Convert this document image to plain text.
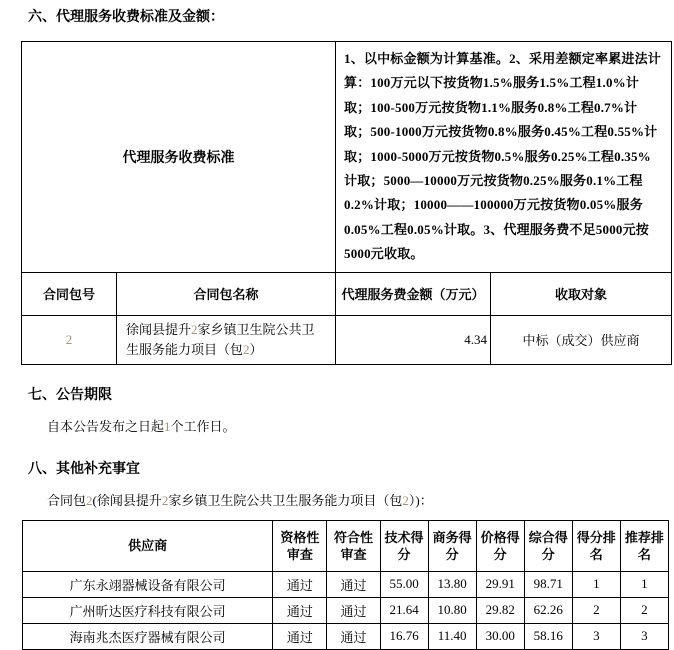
六、代理服务收费标准及金额：
代理服务收费标准		1、以中标金额为计算基准。2、采用差额定率累进法计算：100万元以下按货物1.5%服务1.5%工程1.0%计取；100-500万元按货物1.1%服务0.8%工程0.7%计取；500-1000万元按货物0.8%服务0.45%工程0.55%计取；1000-5000万元按货物0.5%服务0.25%工程0.35%计取；5000—10000万元按货物0.25%服务0.1%工程0.2%计取；10000——100000万元按货物0.05%服务0.05%工程0.05%计取。3、代理服务费不足5000元按5000元收取。	
合同包号	合同包名称	代理服务费金额（万元）	收取对象
2	徐闻县提升2家乡镇卫生院公共卫生服务能力项目（包2）	4.34	中标（成交）供应商
七、公告期限

自本公告发布之日起1个工作日。

八、其他补充事宜

合同包2(徐闻县提升2家乡镇卫生院公共卫生服务能力项目（包2）)：

供应商	资格性审查	符合性审查	技术得分	商务得分	价格得分	综合得分	得分排名	推荐排名
广东永翊器械设备有限公司	通过	通过	55.00	13.80	29.91	98.71	1	1
广州昕达医疗科技有限公司	通过	通过	21.64	10.80	29.82	62.26	2	2
海南兆杰医疗器械有限公司	通过	通过	16.76	11.40	30.00	58.16	3	3
